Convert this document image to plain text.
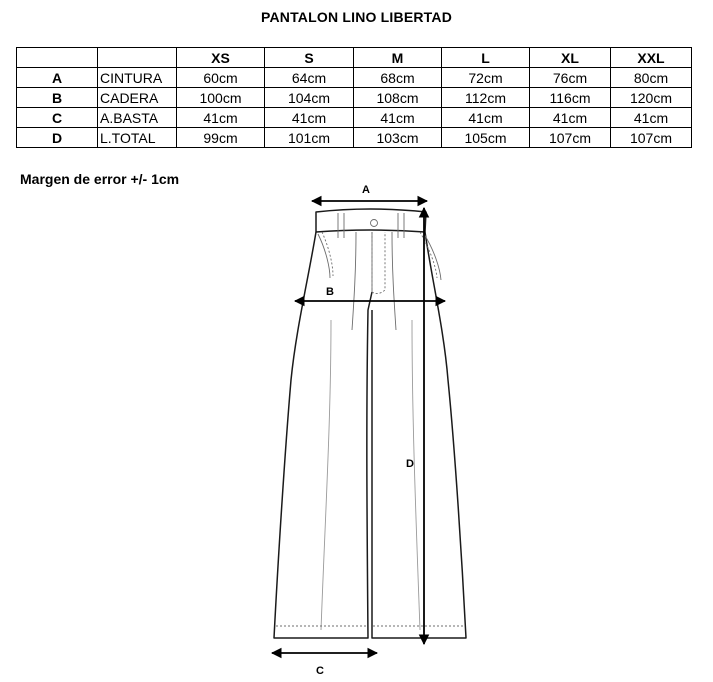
PANTALON LINO LIBERTAD
		XS	S	M	L	XL	XXL
A	CINTURA	60cm	64cm	68cm	72cm	76cm	80cm
B	CADERA	100cm	104cm	108cm	112cm	116cm	120cm
C	A.BASTA	41cm	41cm	41cm	41cm	41cm	41cm
D	L.TOTAL	99cm	101cm	103cm	105cm	107cm	107cm
Margen de error +/- 1cm
A
B
D
C
